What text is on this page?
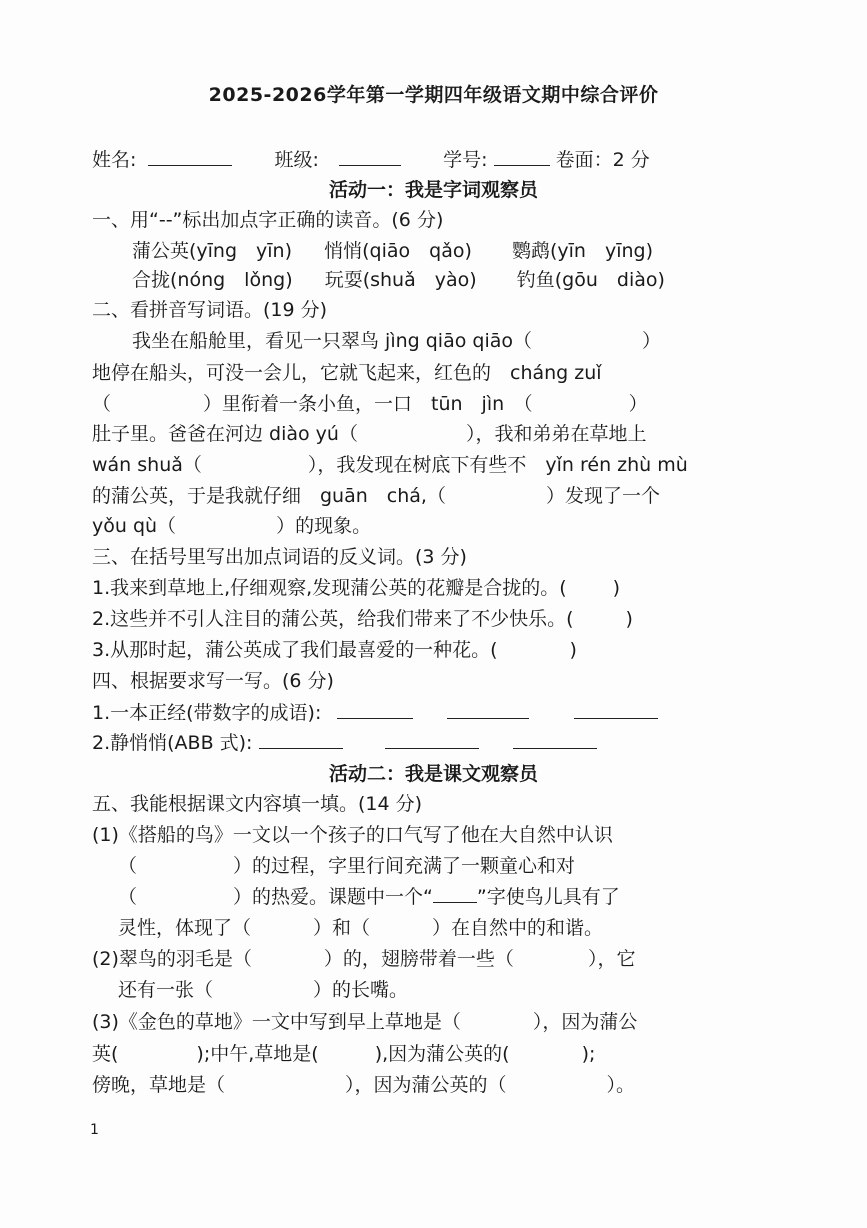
2025-2026学年第一学期四年级语文期中综合评价
姓名:	班级:	学号:	卷面：2 分
活动一：我是字词观察员
一、用“--”标出加点字正确的读音。(6 分)
蒲公英(yīng　yīn) 悄悄(qiāo　qǎo) 鹦鹉(yīn　yīng)
合拢(nóng　lǒng) 玩耍(shuǎ　yào) 钓鱼(gōu　diào)
二、看拼音写词语。(19 分)
我坐在船舱里，看见一只翠鸟 jìng qiāo qiāo（	）
地停在船头，可没一会儿，它就飞起来，红色的　cháng zuǐ
（	）里衔着一条小鱼，一口　tūn　jìn　（	）
肚子里。爸爸在河边 diào yú（	），我和弟弟在草地上
wán shuǎ（	），我发现在树底下有些不　yǐn rén zhù mù
的蒲公英，于是我就仔细　guān　chá,（	）发现了一个
yǒu qù（	）的现象。
三、在括号里写出加点词语的反义词。(3 分)
1.我来到草地上,仔细观察,发现蒲公英的花瓣是合拢的。( )
2.这些并不引人注目的蒲公英，给我们带来了不少快乐。(	)
3.从那时起，蒲公英成了我们最喜爱的一种花。(	)
四、根据要求写一写。(6 分)
1.一本正经(带数字的成语):
2.静悄悄(ABB 式):
活动二：我是课文观察员
五、我能根据课文内容填一填。(14 分)
(1)《搭船的鸟》一文以一个孩子的口气写了他在大自然中认识
（	）的过程，字里行间充满了一颗童心和对
（	）的热爱。课题中一个“ ”字使鸟儿具有了
灵性，体现了（	）和（	）在自然中的和谐。
(2)翠鸟的羽毛是（	）的，翅膀带着一些（	），它
还有一张（	）的长嘴。
(3)《金色的草地》一文中写到早上草地是（	），因为蒲公
英(	);中午,草地是(	),因为蒲公英的(	);
傍晚，草地是（	），因为蒲公英的（	）。
1
